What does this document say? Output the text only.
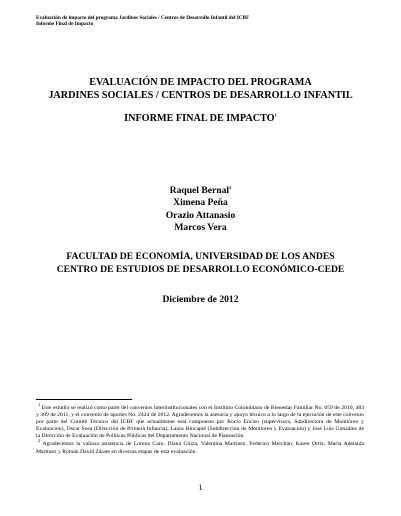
Evaluación de impacto del programa Jardines Sociales / Centros de Desarrollo Infantil del ICBF
Informe Final de Impacto
EVALUACIÓN DE IMPACTO DEL PROGRAMA
JARDINES SOCIALES / CENTROS DE DESARROLLO INFANTIL
INFORME FINAL DE IMPACTO$^1$
Raquel Bernal$^2$
Ximena Peña
Orazio Attanasio
Marcos Vera
FACULTAD DE ECONOMÍA, UNIVERSIDAD DE LOS ANDES
CENTRO DE ESTUDIOS DE DESARROLLO ECONÓMICO-CEDE
Diciembre de 2012

$^1$ Este estudio se realizó como parte del convenios interinstitucionales con el Instituto Colombiano de Bienestar Familiar No. 059 de 2010, 483 y 309 de 2011, y el convenio de aportes No. 2424 de 2012. Agradecemos la asesoría y apoyo técnico a lo largo de la ejecución de este convenio por parte del Comité Técnico del ICBF que actualmente está compuesto por Rocío Enciso (supervisora, Subdirectora de Monitoreo y Evaluación), Oscar Sosa (Dirección de Primera Infancia), Laura Hincapié (Subdirección de Monitoreo y Evaluación) y José Luis González de la Dirección de Evaluación de Políticas Públicas del Departamento Nacional de Planeación.

$^2$ Agradecemos la valiosa asistencia de Lorena Caro, Diana Gúiza, Valentina Martínez, Federico Merchán, Karen Ortiz, María Adelaida Martínez y Román David Zárate en diversas etapas de esta evaluación.

1
